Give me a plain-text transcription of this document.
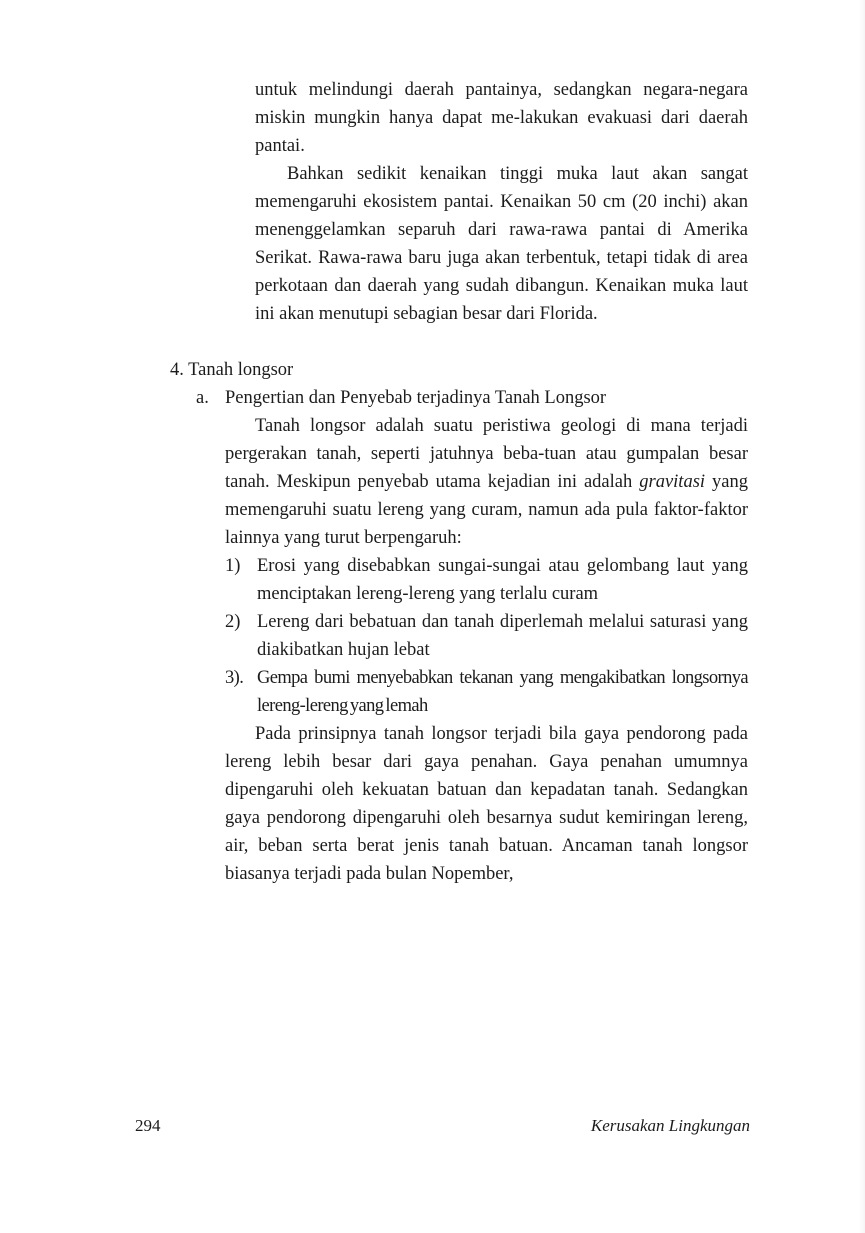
untuk melindungi daerah pantainya, sedangkan negara-negara miskin mungkin hanya dapat me-lakukan evakuasi dari daerah pantai.

Bahkan sedikit kenaikan tinggi muka laut akan sangat memengaruhi ekosistem pantai. Kenaikan 50 cm (20 inchi) akan menenggelamkan separuh dari rawa-rawa pantai di Amerika Serikat. Rawa-rawa baru juga akan terbentuk, tetapi tidak di area perkotaan dan daerah yang sudah dibangun. Kenaikan muka laut ini akan menutupi sebagian besar dari Florida.

4. Tanah longsor

a. Pengertian dan Penyebab terjadinya Tanah Longsor

Tanah longsor adalah suatu peristiwa geologi di mana terjadi pergerakan tanah, seperti jatuhnya beba-tuan atau gumpalan besar tanah. Meskipun penyebab utama kejadian ini adalah gravitasi yang memengaruhi suatu lereng yang curam, namun ada pula faktor-faktor lainnya yang turut berpengaruh:

1) Erosi yang disebabkan sungai-sungai atau gelombang laut yang menciptakan lereng-lereng yang terlalu curam
2) Lereng dari bebatuan dan tanah diperlemah melalui saturasi yang diakibatkan hujan lebat
3). Gempa bumi menyebabkan tekanan yang mengakibatkan longsornya lereng-lereng yang lemah

Pada prinsipnya tanah longsor terjadi bila gaya pendorong pada lereng lebih besar dari gaya penahan. Gaya penahan umumnya dipengaruhi oleh kekuatan batuan dan kepadatan tanah. Sedangkan gaya pendorong dipengaruhi oleh besarnya sudut kemiringan lereng, air, beban serta berat jenis tanah batuan. Ancaman tanah longsor biasanya terjadi pada bulan Nopember,

294	Kerusakan Lingkungan
